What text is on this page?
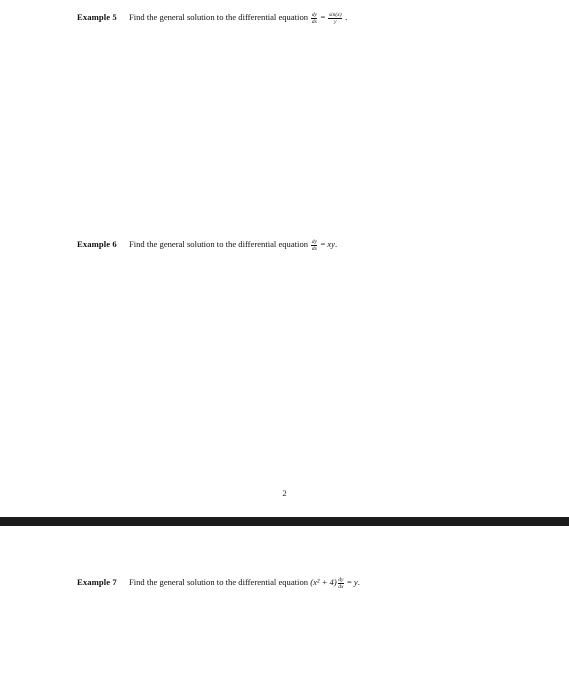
Example 5 Find the general solution to the differential equation $\frac{dy}{dx} = \frac{\sin(x)}{y}$ .
Example 6 Find the general solution to the differential equation $\frac{dy}{dx}$ = xy.
2
Example 7 Find the general solution to the differential equation $(x^2 + 4) \frac{dy}{dx} = y$.
